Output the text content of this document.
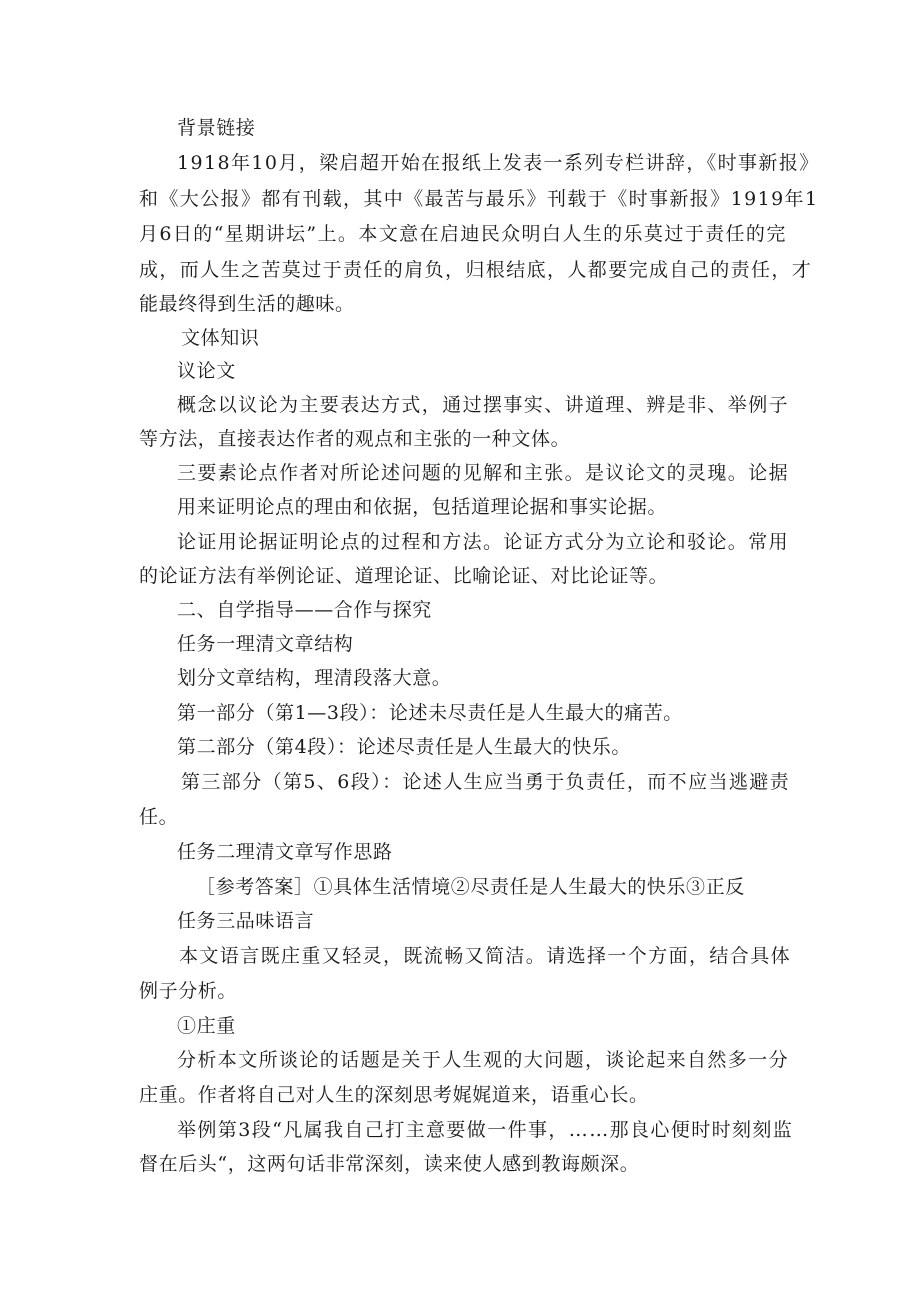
背景链接
1918年10月，梁启超开始在报纸上发表一系列专栏讲辞，《时事新报》
和《大公报》都有刊载，其中《最苦与最乐》刊载于《时事新报》1919年1
月6日的“星期讲坛”上。本文意在启迪民众明白人生的乐莫过于责任的完
成，而人生之苦莫过于责任的肩负，归根结底，人都要完成自己的责任，才
能最终得到生活的趣味。
文体知识
议论文
概念以议论为主要表达方式，通过摆事实、讲道理、辨是非、举例子
等方法，直接表达作者的观点和主张的一种文体。
三要素论点作者对所论述问题的见解和主张。是议论文的灵瑰。论据
用来证明论点的理由和依据，包括道理论据和事实论据。
论证用论据证明论点的过程和方法。论证方式分为立论和驳论。常用
的论证方法有举例论证、道理论证、比喻论证、对比论证等。
二、自学指导——合作与探究
任务一理清文章结构
划分文章结构，理清段落大意。
第一部分（第1—3段）：论述未尽责任是人生最大的痛苦。
第二部分（第4段）：论述尽责任是人生最大的快乐。
第三部分（第5、6段）：论述人生应当勇于负责任，而不应当逃避责
任。
任务二理清文章写作思路
［参考答案］①具体生活情境②尽责任是人生最大的快乐③正反
任务三品味语言
本文语言既庄重又轻灵，既流畅又简洁。请选择一个方面，结合具体
例子分析。
①庄重
分析本文所谈论的话题是关于人生观的大问题，谈论起来自然多一分
庄重。作者将自己对人生的深刻思考娓娓道来，语重心长。
举例第3段“凡属我自己打主意要做一件事，……那良心便时时刻刻监
督在后头“，这两句话非常深刻，读来使人感到教诲颇深。
